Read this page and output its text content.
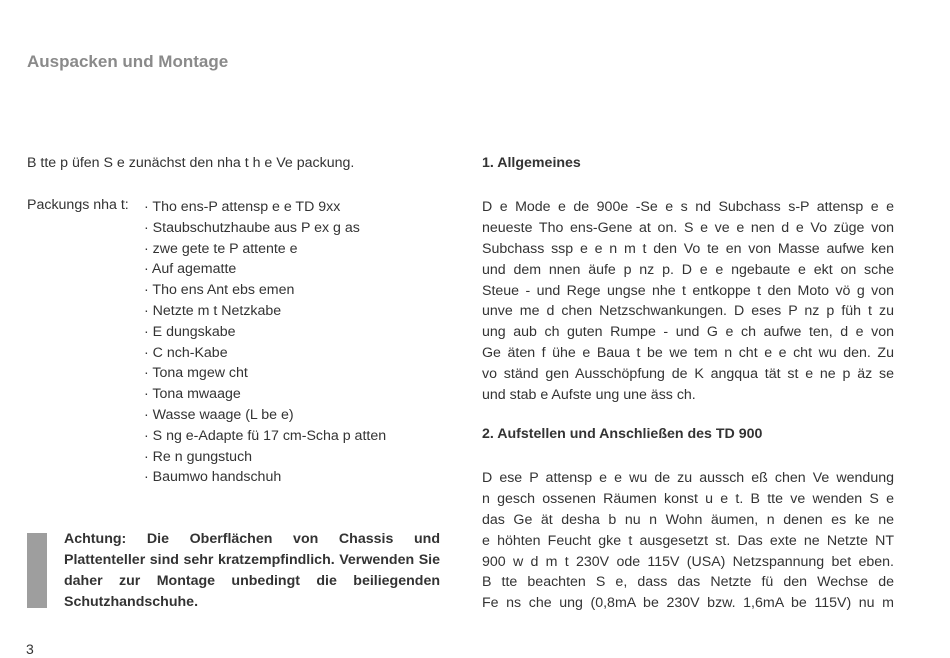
Auspacken und Montage

B tte p üfen S e zunächst den nha t h e Ve packung.

Packungs nha t: · Tho ens-P attensp e e TD 9xx
· Staubschutzhaube aus P ex g as
· zwe gete te P attente e
· Auf agematte
· Tho ens Ant ebs emen
· Netzte m t Netzkabe
· E dungskabe
· C nch-Kabe
· Tona mgew cht
· Tona mwaage
· Wasse waage (L be e)
· S ng e-Adapte fü 17 cm-Scha p atten
· Re n gungstuch
· Baumwo handschuh

Achtung: Die Oberflächen von Chassis und Plattenteller sind sehr kratzempfindlich. Verwenden Sie daher zur Montage unbedingt die beiliegenden Schutzhandschuhe.

3
1. Allgemeines
D e Mode e de 900e -Se e s nd Subchass s-P attensp e e
neueste Tho ens-Gene at on. S e ve e nen d e Vo züge von
Subchass ssp e e n m t den Vo te en von Masse aufwe ken
und dem nnen äufe p nz p. D e e ngebaute e ekt on sche
Steue - und Rege ungse nhe t entkoppe t den Moto vö g von
unve me d chen Netzschwankungen. D eses P nz p füh t zu
ung aub ch guten Rumpe - und G e ch aufwe ten, d e von
Ge äten f ühe e Bauа t be we tem n cht e e cht wu den. Zu
vo ständ gen Ausschöpfung de K angqua tät st e ne p äz se
und stab e Aufste ung une äss ch.
2. Aufstellen und Anschließen des TD 900
D ese P attensp e e wu de zu aussch eß chen Ve wendung
n gesch ossenen Räumen konst u e t. B tte ve wenden S e
das Ge ät desha b nu n Wohn äumen, n denen es ke ne
e höhten Feucht gke t ausgesetzt st. Das exte ne Netzte NT
900 w d m t 230V ode 115V (USA) Netzspannung bet eben.
B tte beachten S e, dass das Netzte fü den Wechse de
Fe ns che ung (0,8mA be 230V bzw. 1,6mA be 115V) nu m
